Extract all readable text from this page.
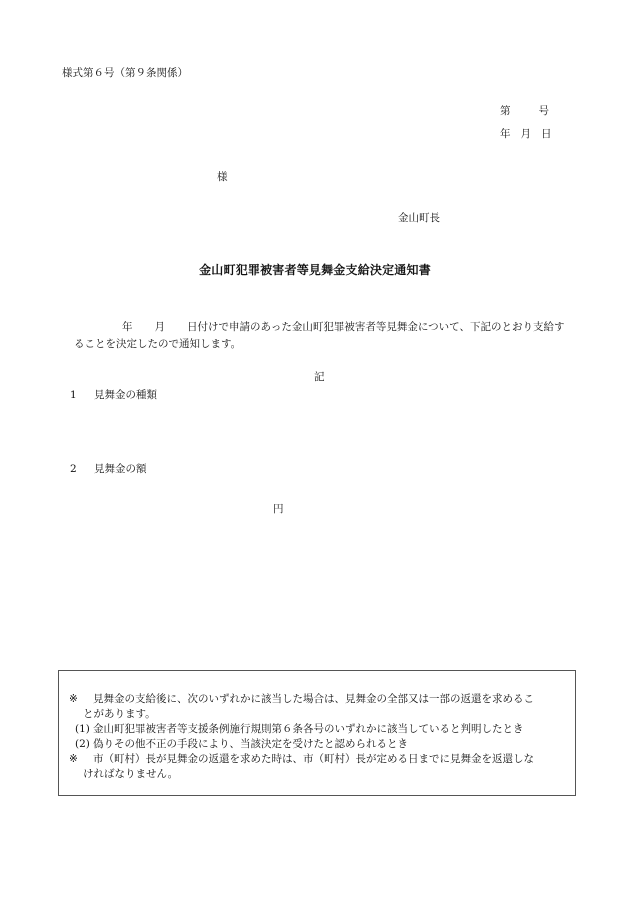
様式第６号（第９条関係）
第	号
年 月 日
様
金山町長
金山町犯罪被害者等見舞金支給決定通知書
年 月 日付けで申請のあった金山町犯罪被害者等見舞金について、下記のとおり支給することを決定したので通知します。
記
1 見舞金の種類
2 見舞金の額
円
※ 見舞金の支給後に、次のいずれかに該当した場合は、見舞金の全部又は一部の返還を求めるこ
とがあります。
(1) 金山町犯罪被害者等支援条例施行規則第６条各号のいずれかに該当していると判明したとき
(2) 偽りその他不正の手段により、当該決定を受けたと認められるとき
※ 市（町村）長が見舞金の返還を求めた時は、市（町村）長が定める日までに見舞金を返還しな
ければなりません。
